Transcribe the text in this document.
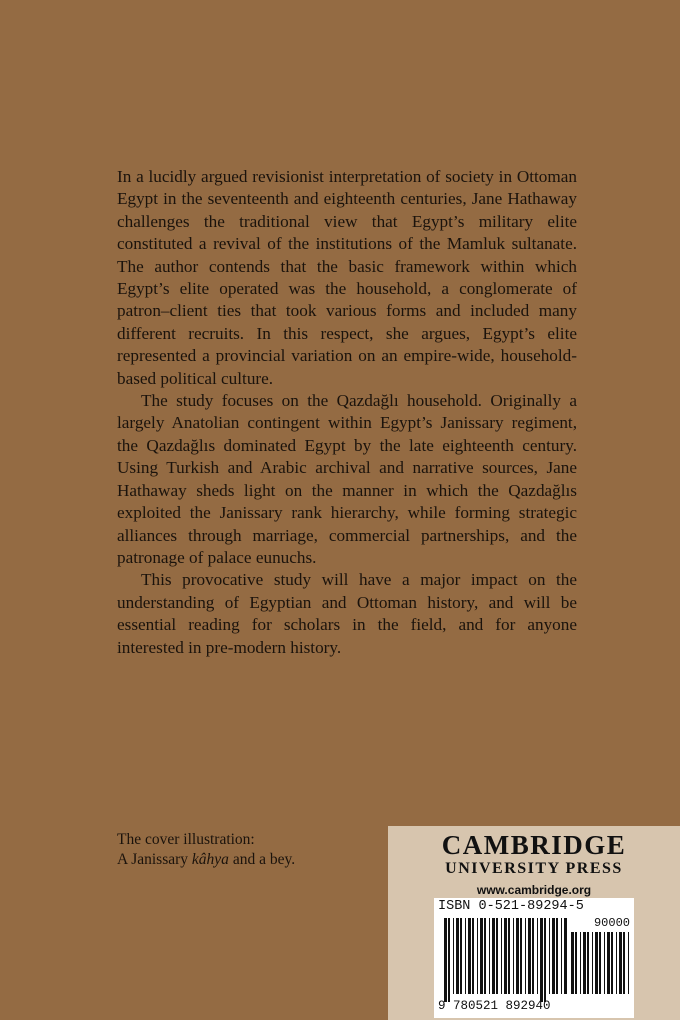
In a lucidly argued revisionist interpretation of society in Ottoman Egypt in the seventeenth and eighteenth centuries, Jane Hathaway challenges the traditional view that Egypt’s military elite constituted a revival of the institutions of the Mamluk sultanate. The author contends that the basic framework within which Egypt’s elite operated was the household, a conglomerate of patron–client ties that took various forms and included many different recruits. In this respect, she argues, Egypt’s elite represented a provincial variation on an empire-wide, household-based political culture.

The study focuses on the Qazdağlı household. Originally a largely Anatolian contingent within Egypt’s Janissary regiment, the Qazdağlıs dominated Egypt by the late eighteenth century. Using Turkish and Arabic archival and narrative sources, Jane Hathaway sheds light on the manner in which the Qazdağlıs exploited the Janissary rank hierarchy, while forming strategic alliances through marriage, commercial partnerships, and the patronage of palace eunuchs.

This provocative study will have a major impact on the understanding of Egyptian and Ottoman history, and will be essential reading for scholars in the field, and for anyone interested in pre-modern history.

The cover illustration:
A Janissary kâhya and a bey.	CAMBRIDGE
UNIVERSITY PRESS
www.cambridge.org
ISBN 0-521-89294-5
90000
9 780521 892940
